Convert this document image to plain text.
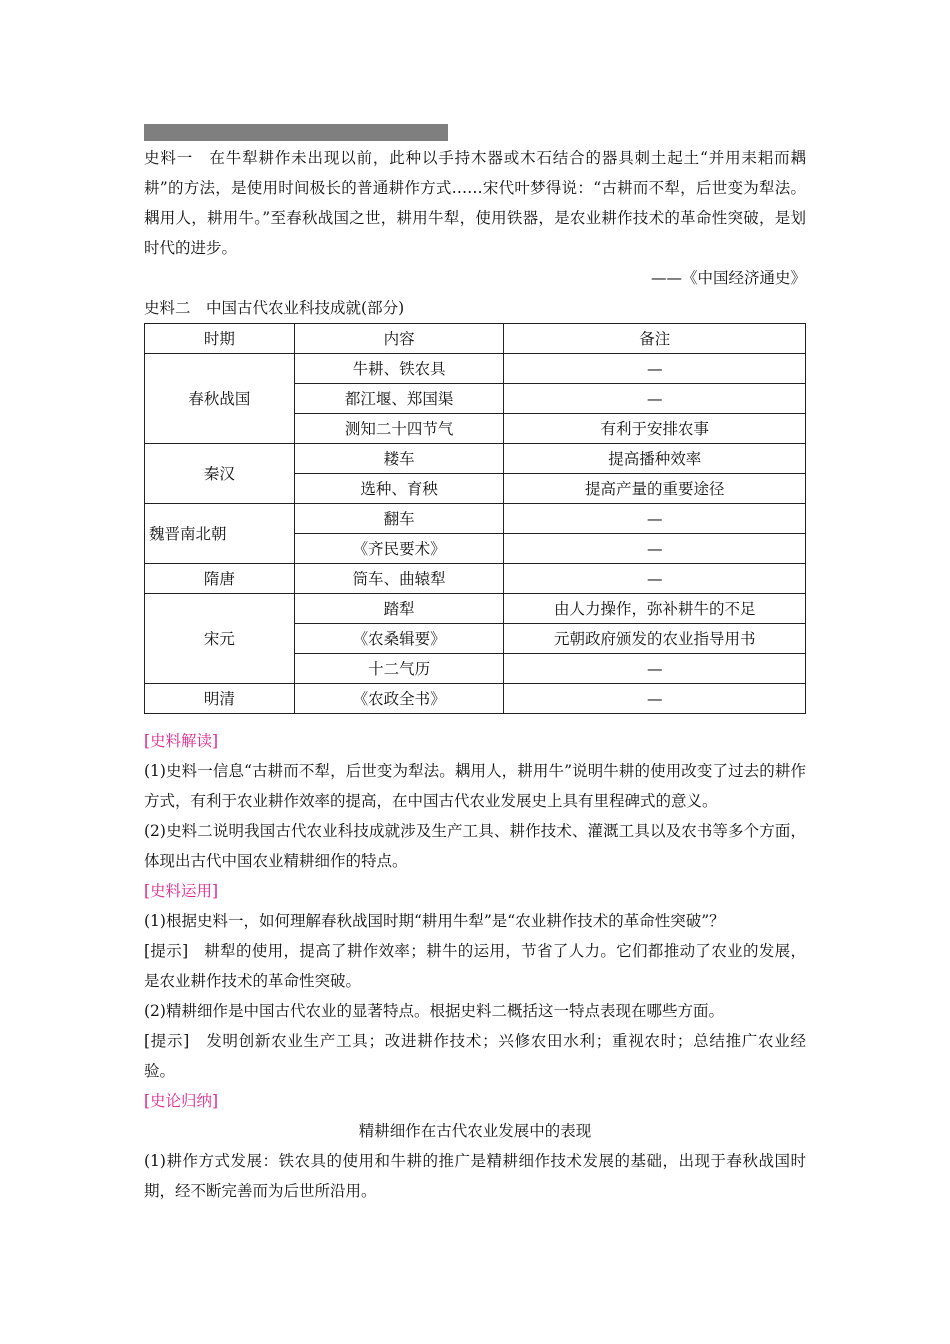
史料一　 在牛犁耕作未出现以前，此种以手持木器或木石结合的器具刺土起土“并用耒耜而耦耕”的方法，是使用时间极长的普通耕作方式……宋代叶梦得说：“古耕而不犁，后世变为犁法。耦用人，耕用牛。”至春秋战国之世，耕用牛犁，使用铁器，是农业耕作技术的革命性突破，是划时代的进步。

——《中国经济通史》

史料二　 中国古代农业科技成就(部分)

时期	内容	备注
春秋战国	牛耕、铁农具	—
	都江堰、郑国渠	—
	测知二十四节气	有利于安排农事
秦汉	耧车	提高播种效率
	选种、育秧	提高产量的重要途径
魏晋南北朝	翻车	—
	《齐民要术》	—
隋唐	筒车、曲辕犁	—
宋元	踏犁	由人力操作，弥补耕牛的不足
	《农桑辑要》	元朝政府颁发的农业指导用书
	十二气历	—
明清	《农政全书》	—

[史料解读]

(1)史料一信息“古耕而不犁，后世变为犁法。耦用人，耕用牛”说明牛耕的使用改变了过去的耕作方式，有利于农业耕作效率的提高，在中国古代农业发展史上具有里程碑式的意义。

(2)史料二说明我国古代农业科技成就涉及生产工具、耕作技术、灌溉工具以及农书等多个方面，体现出古代中国农业精耕细作的特点。

[史料运用]

(1)根据史料一，如何理解春秋战国时期“耕用牛犁”是“农业耕作技术的革命性突破”？

[提示]　耕犁的使用，提高了耕作效率；耕牛的运用，节省了人力。它们都推动了农业的发展，是农业耕作技术的革命性突破。

(2)精耕细作是中国古代农业的显著特点。根据史料二概括这一特点表现在哪些方面。

[提示]　发明创新农业生产工具；改进耕作技术；兴修农田水利；重视农时；总结推广农业经验。

[史论归纳]

精耕细作在古代农业发展中的表现

(1)耕作方式发展：铁农具的使用和牛耕的推广是精耕细作技术发展的基础，出现于春秋战国时期，经不断完善而为后世所沿用。
